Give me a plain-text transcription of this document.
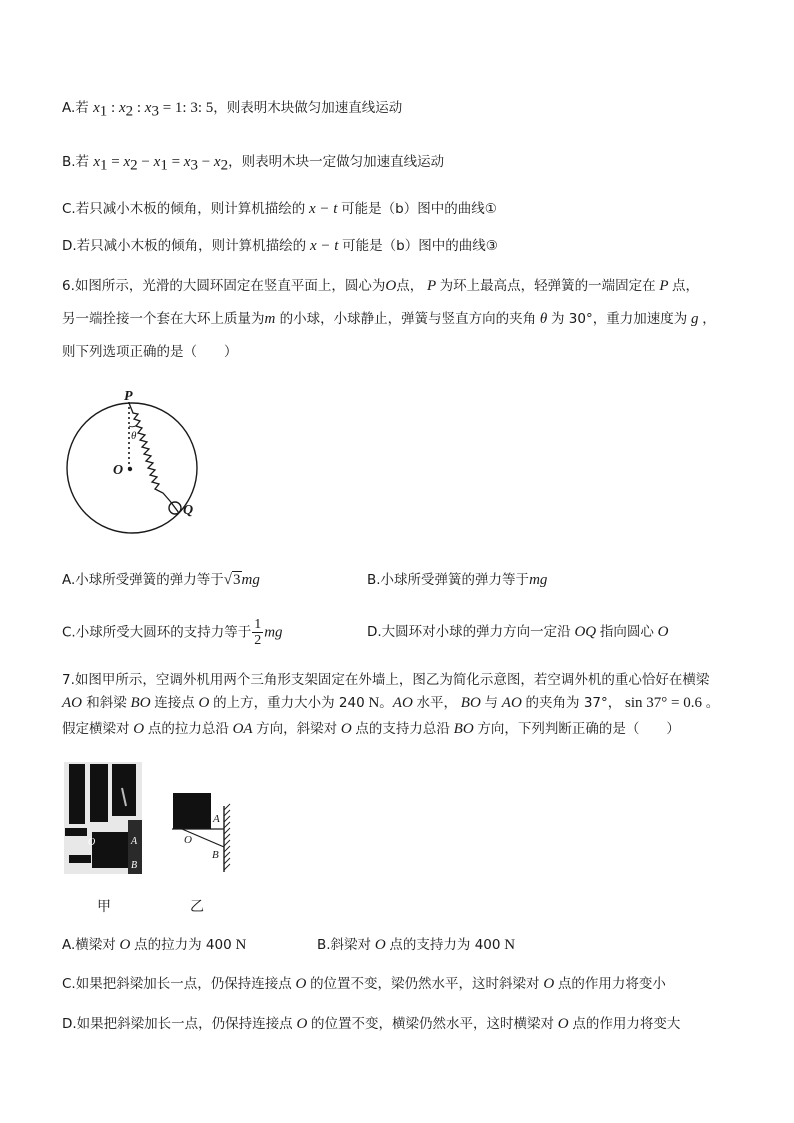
A.若 $x_1$ : $x_2$ : $x_3 = 1$: 3: 5，则表明木块做匀加速直线运动
B.若 $x_1 = x_2 - x_1 = x_3 - x_2$，则表明木块一定做匀加速直线运动
C.若只减小木板的倾角，则计算机描绘的 x − t 可能是（b）图中的曲线①
D.若只减小木板的倾角，则计算机描绘的 x − t 可能是（b）图中的曲线③
6.如图所示，光滑的大圆环固定在竖直平面上，圆心为O点， P 为环上最高点，轻弹簧的一端固定在 P 点，
另一端拴接一个套在大环上质量为m 的小球，小球静止，弹簧与竖直方向的夹角 θ 为 30°，重力加速度为 g ，
则下列选项正确的是（　　）
P
O
θ
Q
A.小球所受弹簧的弹力等于√3mg	B.小球所受弹簧的弹力等于mg
C.小球所受大圆环的支持力等于 $\frac{1}{2}$ mg	D.大圆环对小球的弹力方向一定沿 OQ 指向圆心 O
7.如图甲所示，空调外机用两个三角形支架固定在外墙上，图乙为简化示意图，若空调外机的重心恰好在横梁
AO 和斜梁 BO 连接点 O 的上方，重力大小为 240 N。AO 水平， BO 与 AO 的夹角为 37°， sin 37° = 0.6 。
假定横梁对 O 点的拉力总沿 OA 方向，斜梁对 O 点的支持力总沿 BO 方向，下列判断正确的是（　　）
O	A
B
A
O
B
甲	乙
A.横梁对 O 点的拉力为 400 N	B.斜梁对 O 点的支持力为 400 N
C.如果把斜梁加长一点，仍保持连接点 O 的位置不变，梁仍然水平，这时斜梁对 O 点的作用力将变小
D.如果把斜梁加长一点，仍保持连接点 O 的位置不变，横梁仍然水平，这时横梁对 O 点的作用力将变大
